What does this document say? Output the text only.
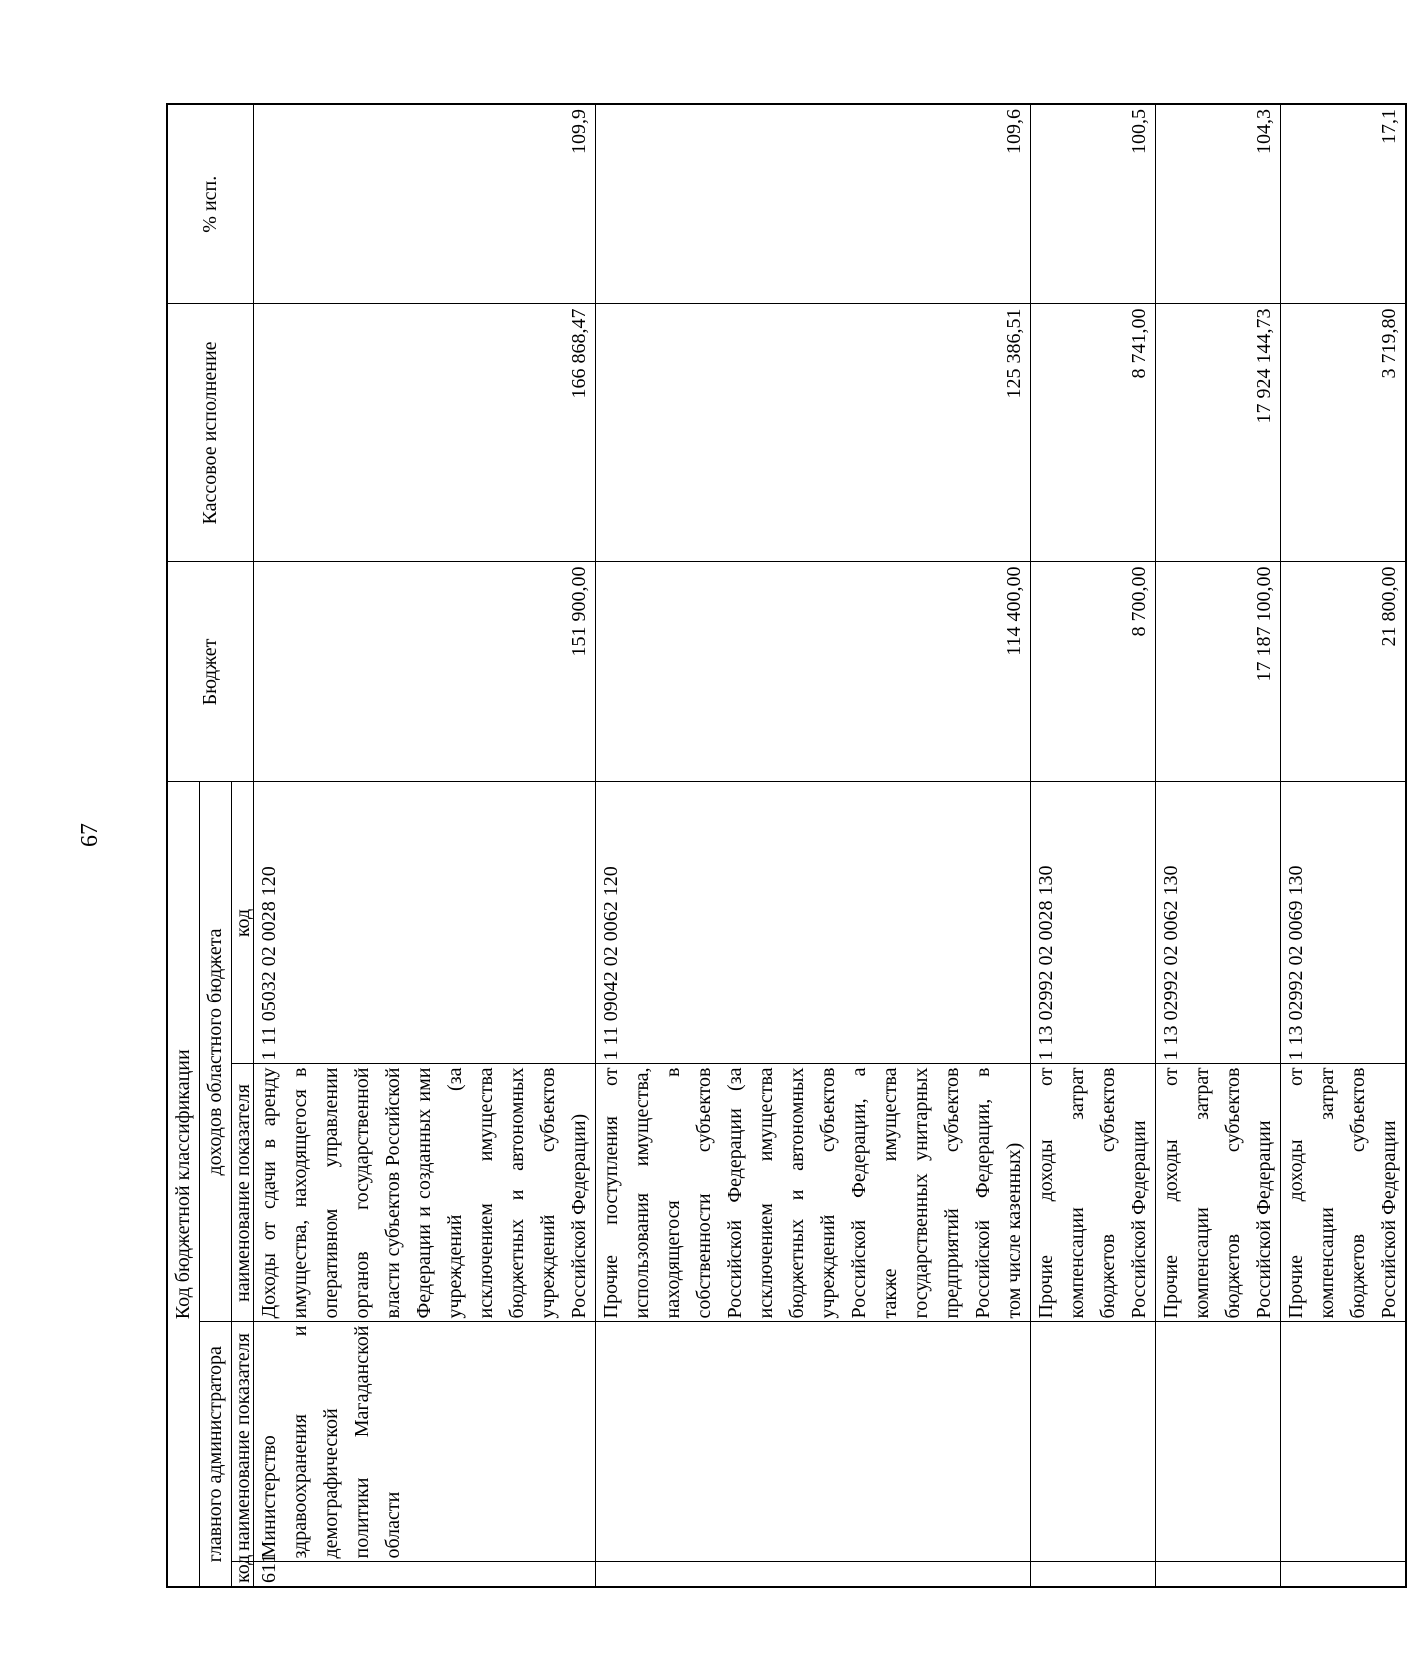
67
Код бюджетной классификации				Бюджет	Кассовое исполнение	% исп.
главного администратора		доходов областного бюджета				
код	наименование показателя	наименование показателя	код			
611	Министерство здравоохранения и демографической политики Магаданской области	Доходы от сдачи в аренду имущества, находящегося в оперативном управлении органов государственной власти субъектов Российской Федерации и созданных ими учреждений (за исключением имущества бюджетных и автономных учреждений субъектов Российской Федерации)	1 11 05032 02 0028 120	151 900,00	166 868,47	109,9
		Прочие поступления от использования имущества, находящегося в собственности субъектов Российской Федерации (за исключением имущества бюджетных и автономных учреждений субъектов Российской Федерации, а также имущества государственных унитарных предприятий субъектов Российской Федерации, в том числе казенных)	1 11 09042 02 0062 120	114 400,00	125 386,51	109,6
		Прочие доходы от компенсации затрат бюджетов субъектов Российской Федерации	1 13 02992 02 0028 130	8 700,00	8 741,00	100,5
		Прочие доходы от компенсации затрат бюджетов субъектов Российской Федерации	1 13 02992 02 0062 130	17 187 100,00	17 924 144,73	104,3
		Прочие доходы от компенсации затрат бюджетов субъектов Российской Федерации	1 13 02992 02 0069 130	21 800,00	3 719,80	17,1
